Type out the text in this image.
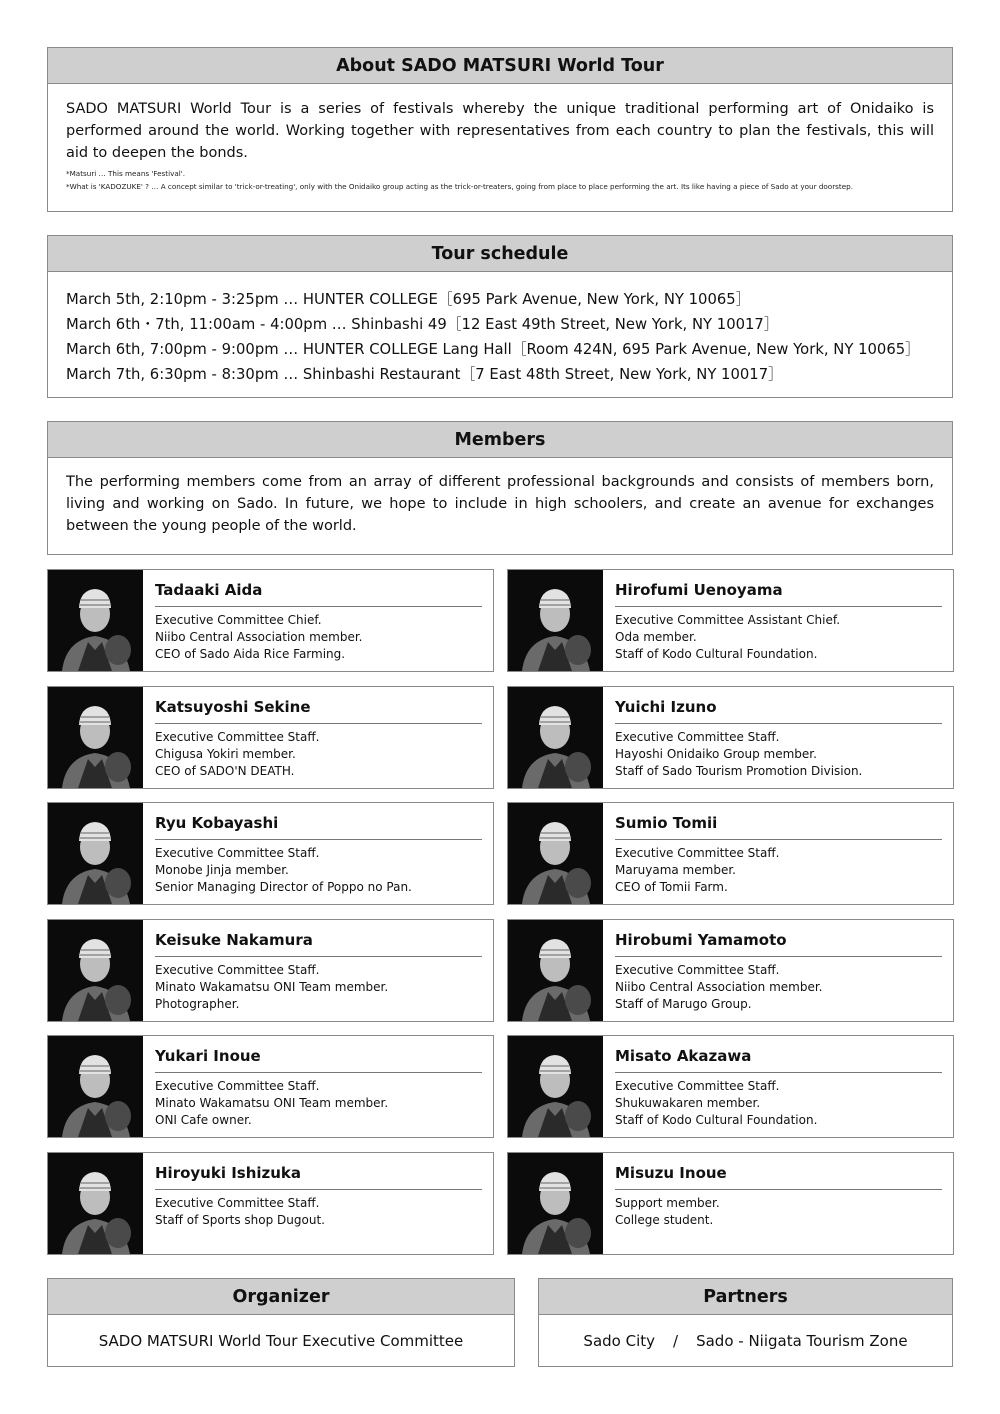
About SADO MATSURI World Tour
SADO MATSURI World Tour is a series of festivals whereby the unique traditional performing art of Onidaiko is performed around the world. Working together with representatives from each country to plan the festivals, this will aid to deepen the bonds.
*Matsuri … This means 'Festival'.
*What is 'KADOZUKE' ? … A concept similar to 'trick-or-treating', only with the Onidaiko group acting as the trick-or-treaters, going from place to place performing the art. Its like having a piece of Sado at your doorstep.
Tour schedule
March 5th, 2:10pm - 3:25pm … HUNTER COLLEGE［695 Park Avenue, New York, NY 10065］
March 6th・7th, 11:00am - 4:00pm … Shinbashi 49［12 East 49th Street, New York, NY 10017］
March 6th, 7:00pm - 9:00pm … HUNTER COLLEGE Lang Hall［Room 424N, 695 Park Avenue, New York, NY 10065］
March 7th, 6:30pm - 8:30pm … Shinbashi Restaurant［7 East 48th Street, New York, NY 10017］
Members
The performing members come from an array of different professional backgrounds and consists of members born, living and working on Sado. In future, we hope to include in high schoolers, and create an avenue for exchanges between the young people of the world.
Tadaaki Aida
Executive Committee Chief.
Niibo Central Association member.
CEO of Sado Aida Rice Farming.
Hirofumi Uenoyama
Executive Committee Assistant Chief.
Oda member.
Staff of Kodo Cultural Foundation.
Katsuyoshi Sekine
Executive Committee Staff.
Chigusa Yokiri member.
CEO of SADO'N DEATH.
Yuichi Izuno
Executive Committee Staff.
Hayoshi Onidaiko Group member.
Staff of Sado Tourism Promotion Division.
Ryu Kobayashi
Executive Committee Staff.
Monobe Jinja member.
Senior Managing Director of Poppo no Pan.
Sumio Tomii
Executive Committee Staff.
Maruyama member.
CEO of Tomii Farm.
Keisuke Nakamura
Executive Committee Staff.
Minato Wakamatsu ONI Team member.
Photographer.
Hirobumi Yamamoto
Executive Committee Staff.
Niibo Central Association member.
Staff of Marugo Group.
Yukari Inoue
Executive Committee Staff.
Minato Wakamatsu ONI Team member.
ONI Cafe owner.
Misato Akazawa
Executive Committee Staff.
Shukuwakaren member.
Staff of Kodo Cultural Foundation.
Hiroyuki Ishizuka
Executive Committee Staff.
Staff of Sports shop Dugout.
Misuzu Inoue
Support member.
College student.
Organizer
SADO MATSURI World Tour Executive Committee
Partners
Sado City / Sado - Niigata Tourism Zone
